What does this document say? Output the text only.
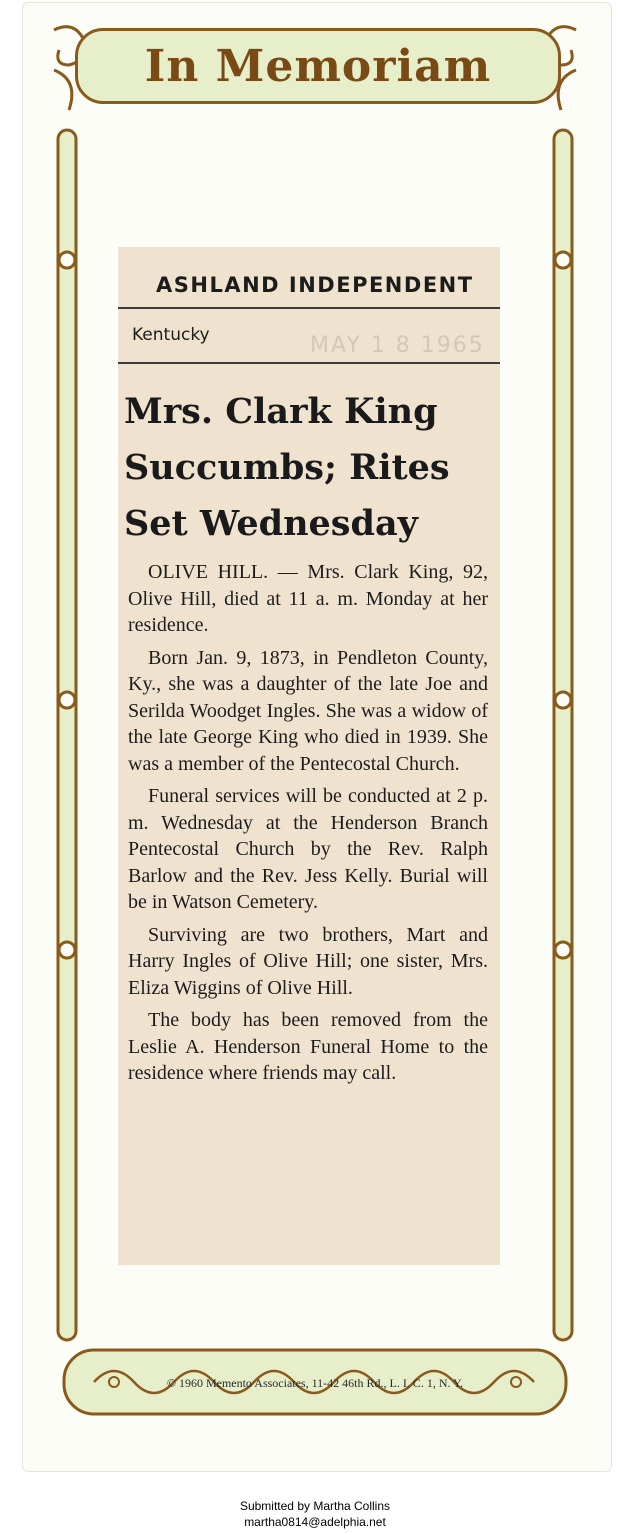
In Memoriam
ASHLAND INDEPENDENT
Kentucky	MAY 1 8 1965
Mrs. Clark King Succumbs; Rites Set Wednesday

OLIVE HILL. — Mrs. Clark King, 92, Olive Hill, died at 11 a. m. Monday at her residence.

Born Jan. 9, 1873, in Pendleton County, Ky., she was a daughter of the late Joe and Serilda Woodget Ingles. She was a widow of the late George King who died in 1939. She was a member of the Pentecostal Church.

Funeral services will be conducted at 2 p. m. Wednesday at the Henderson Branch Pentecostal Church by the Rev. Ralph Barlow and the Rev. Jess Kelly. Burial will be in Watson Cemetery.

Surviving are two brothers, Mart and Harry Ingles of Olive Hill; one sister, Mrs. Eliza Wiggins of Olive Hill.

The body has been removed from the Leslie A. Henderson Funeral Home to the residence where friends may call.

© 1960 Memento Associates, 11-42 46th Rd., L. I. C. 1, N. Y.
Submitted by Martha Collins
martha0814@adelphia.net
